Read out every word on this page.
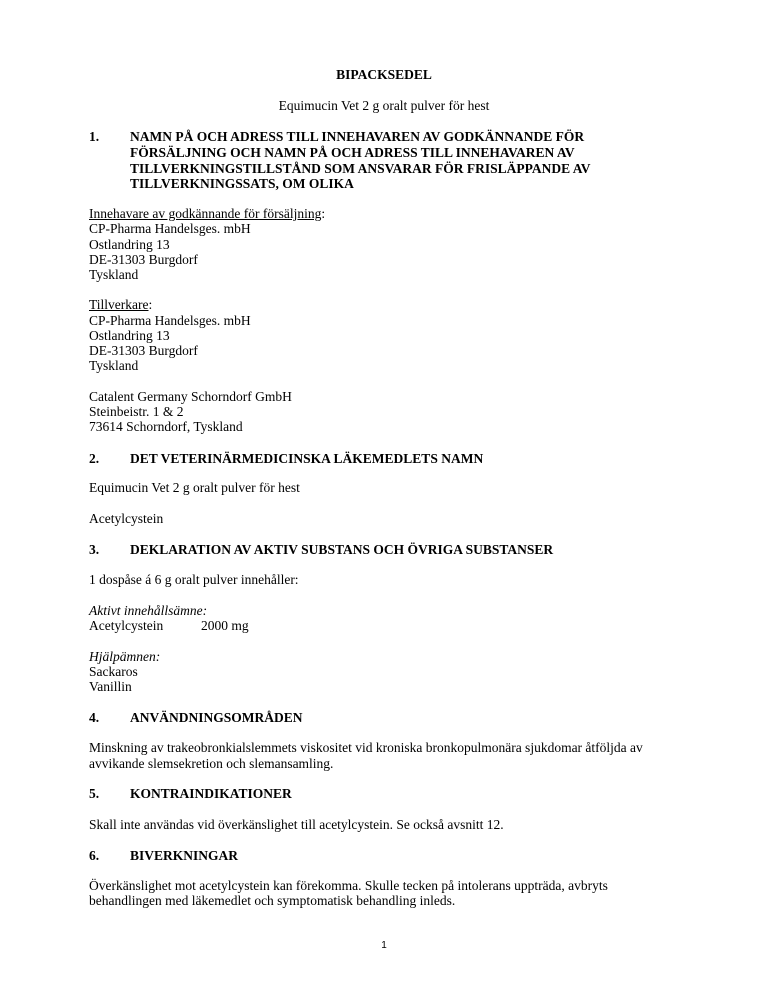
BIPACKSEDEL
Equimucin Vet 2 g oralt pulver för hest
1. NAMN PÅ OCH ADRESS TILL INNEHAVAREN AV GODKÄNNANDE FÖR
FÖRSÄLJNING OCH NAMN PÅ OCH ADRESS TILL INNEHAVAREN AV
TILLVERKNINGSTILLSTÅND SOM ANSVARAR FÖR FRISLÄPPANDE AV
TILLVERKNINGSSATS, OM OLIKA
Innehavare av godkännande för försäljning:
CP-Pharma Handelsges. mbH
Ostlandring 13
DE-31303 Burgdorf
Tyskland
Tillverkare:
CP-Pharma Handelsges. mbH
Ostlandring 13
DE-31303 Burgdorf
Tyskland
Catalent Germany Schorndorf GmbH
Steinbeistr. 1 & 2
73614 Schorndorf, Tyskland
2. DET VETERINÄRMEDICINSKA LÄKEMEDLETS NAMN
Equimucin Vet 2 g oralt pulver för hest
Acetylcystein
3. DEKLARATION AV AKTIV SUBSTANS OCH ÖVRIGA SUBSTANSER
1 dospåse á 6 g oralt pulver innehåller:
Aktivt innehållsämne:
Acetylcystein	2000 mg
Hjälpämnen:
Sackaros
Vanillin
4. ANVÄNDNINGSOMRÅDEN
Minskning av trakeobronkialslemmets viskositet vid kroniska bronkopulmonära sjukdomar åtföljda av
avvikande slemsekretion och slemansamling.
5. KONTRAINDIKATIONER
Skall inte användas vid överkänslighet till acetylcystein. Se också avsnitt 12.
6. BIVERKNINGAR
Överkänslighet mot acetylcystein kan förekomma. Skulle tecken på intolerans uppträda, avbryts
behandlingen med läkemedlet och symptomatisk behandling inleds.
1
